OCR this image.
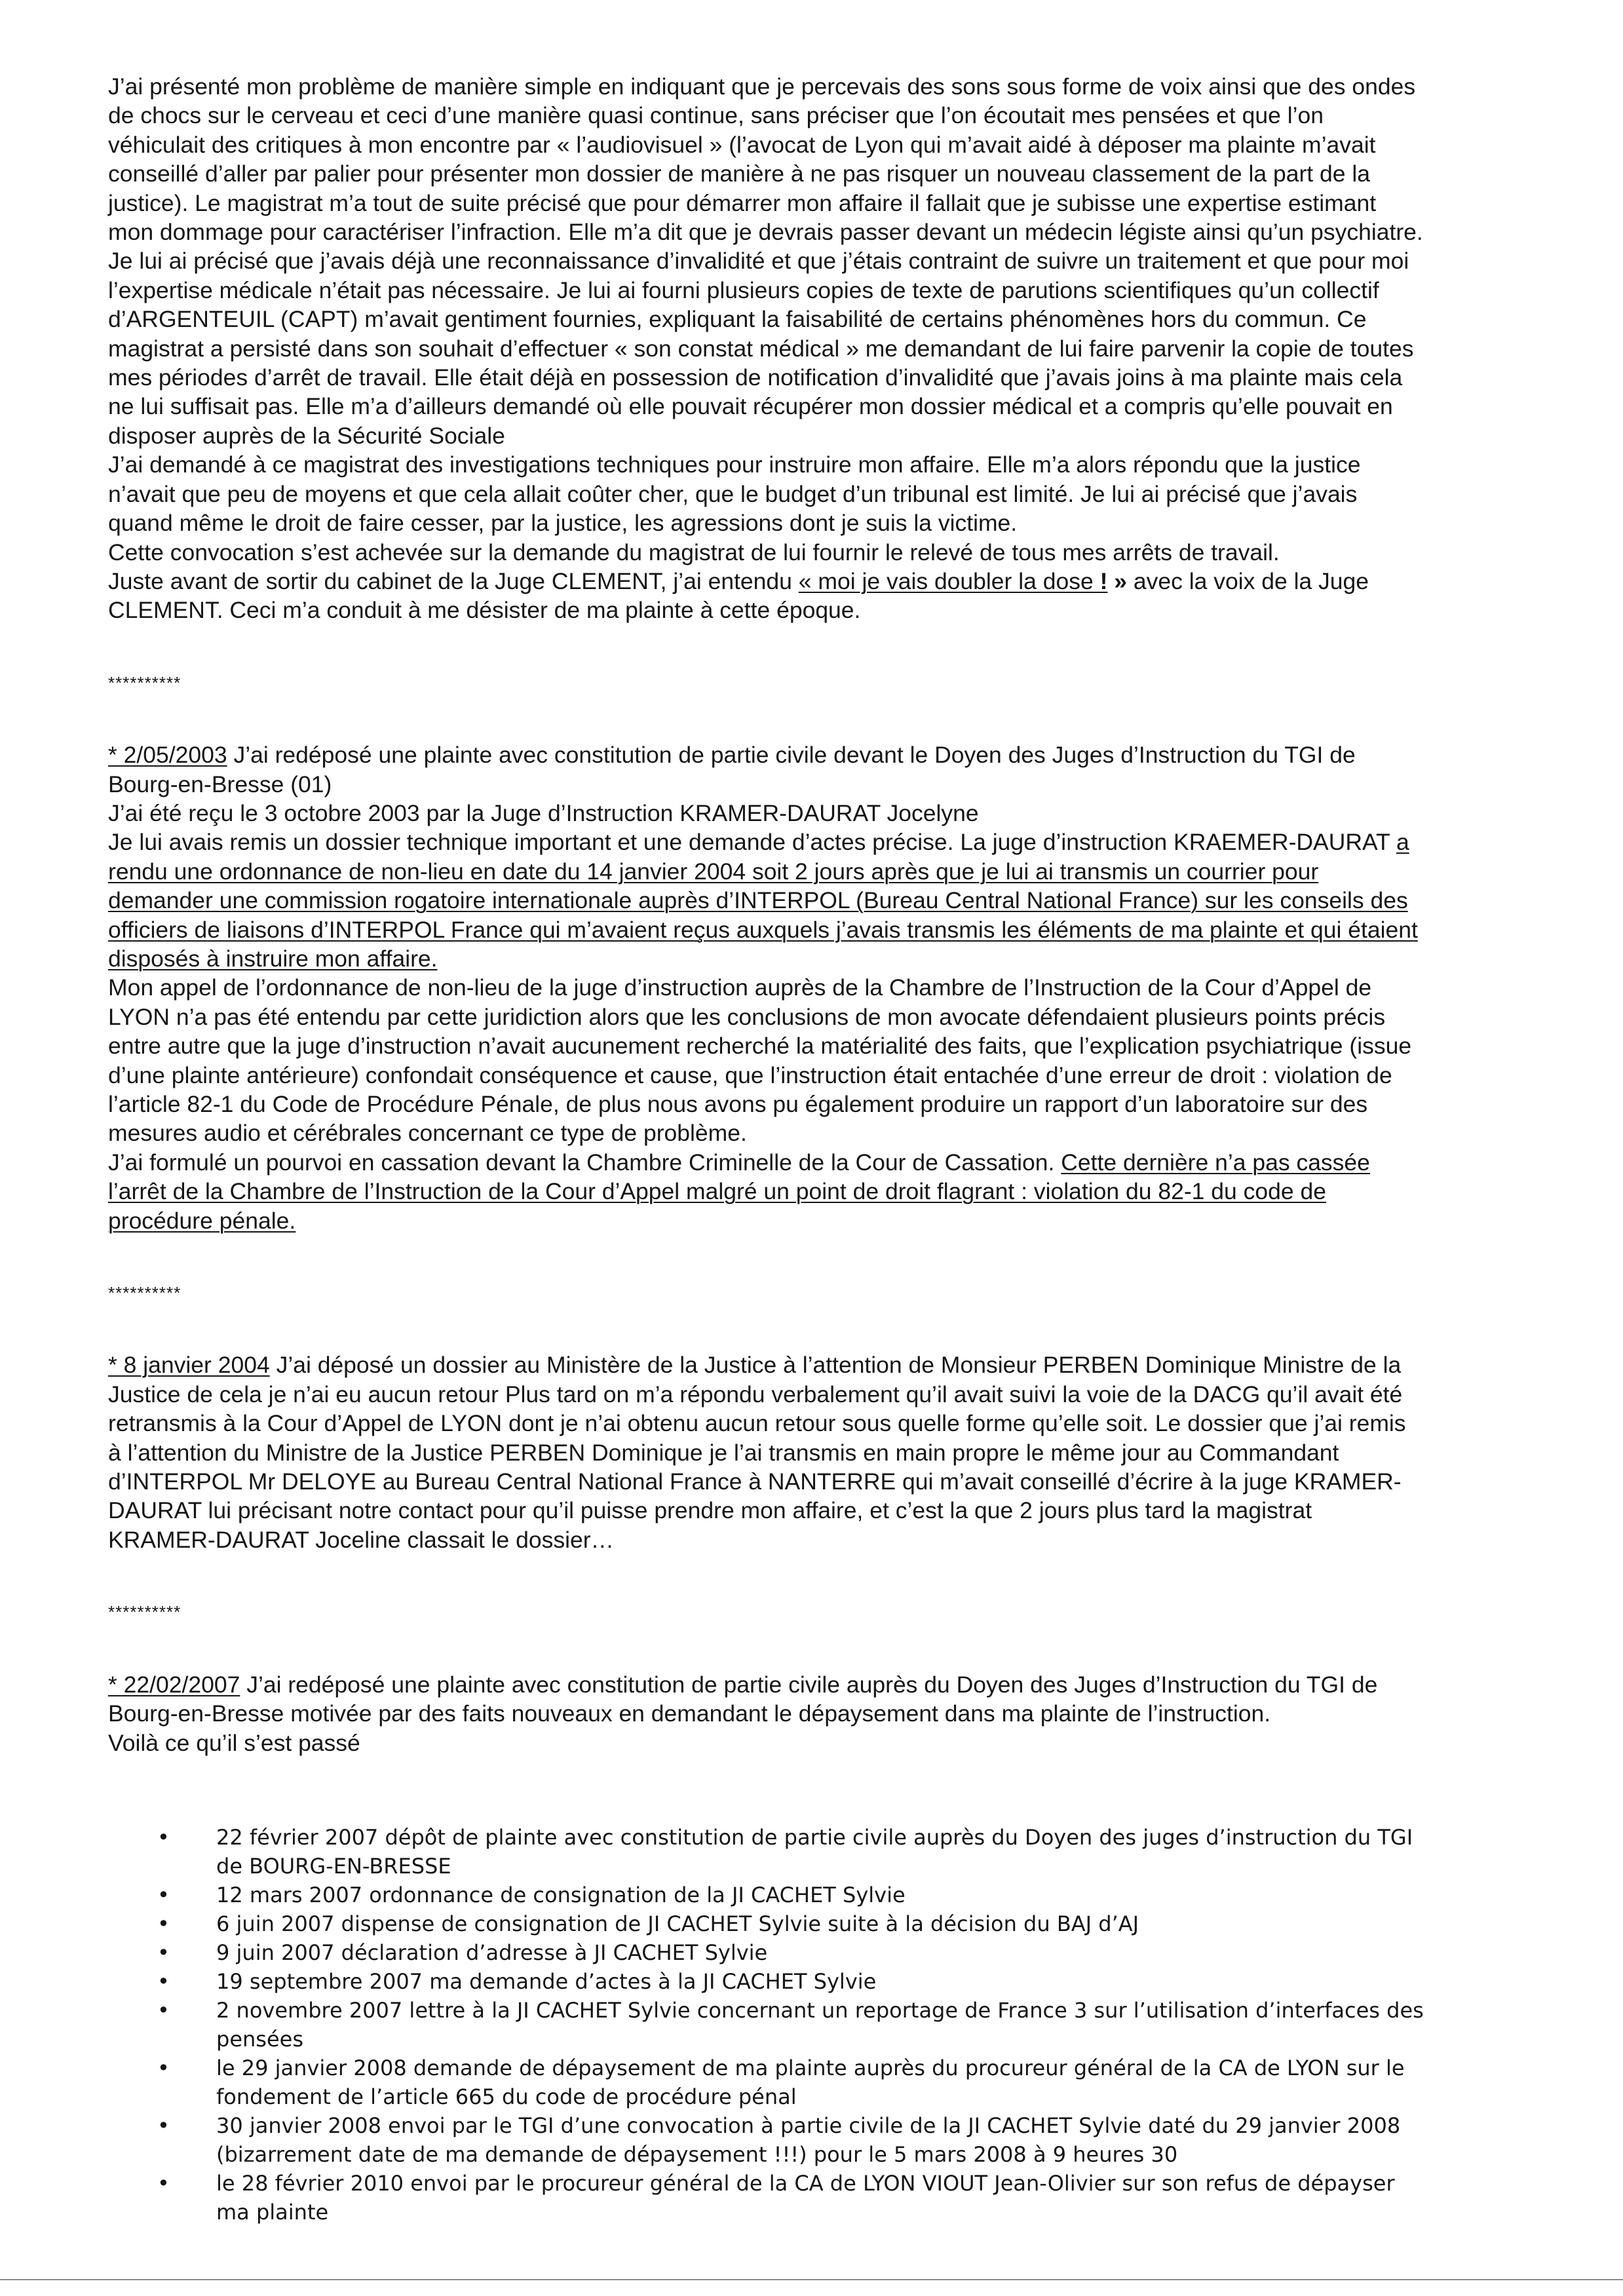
J’ai présenté mon problème de manière simple en indiquant que je percevais des sons sous forme de voix ainsi que des ondes de chocs sur le cerveau et ceci d’une manière quasi continue, sans préciser que l’on écoutait mes pensées et que l’on véhiculait des critiques à mon encontre par « l’audiovisuel » (l’avocat de Lyon qui m’avait aidé à déposer ma plainte m’avait conseillé d’aller par palier pour présenter mon dossier de manière à ne pas risquer un nouveau classement de la part de la justice). Le magistrat m’a tout de suite précisé que pour démarrer mon affaire il fallait que je subisse une expertise estimant mon dommage pour caractériser l’infraction. Elle m’a dit que je devrais passer devant un médecin légiste ainsi qu’un psychiatre. Je lui ai précisé que j’avais déjà une reconnaissance d’invalidité et que j’étais contraint de suivre un traitement et que pour moi l’expertise médicale n’était pas nécessaire. Je lui ai fourni plusieurs copies de texte de parutions scientifiques qu’un collectif d’ARGENTEUIL (CAPT) m’avait gentiment fournies, expliquant la faisabilité de certains phénomènes hors du commun. Ce magistrat a persisté dans son souhait d’effectuer « son constat médical » me demandant de lui faire parvenir la copie de toutes mes périodes d’arrêt de travail. Elle était déjà en possession de notification d’invalidité que j’avais joins à ma plainte mais cela ne lui suffisait pas. Elle m’a d’ailleurs demandé où elle pouvait récupérer mon dossier médical et a compris qu’elle pouvait en disposer auprès de la Sécurité Sociale

J’ai demandé à ce magistrat des investigations techniques pour instruire mon affaire. Elle m’a alors répondu que la justice n’avait que peu de moyens et que cela allait coûter cher, que le budget d’un tribunal est limité. Je lui ai précisé que j’avais quand même le droit de faire cesser, par la justice, les agressions dont je suis la victime.

Cette convocation s’est achevée sur la demande du magistrat de lui fournir le relevé de tous mes arrêts de travail.

Juste avant de sortir du cabinet de la Juge CLEMENT, j’ai entendu « moi je vais doubler la dose ! » avec la voix de la Juge CLEMENT. Ceci m’a conduit à me désister de ma plainte à cette époque.

**********

* 2/05/2003 J’ai redéposé une plainte avec constitution de partie civile devant le Doyen des Juges d’Instruction du TGI de Bourg-en-Bresse (01)

J’ai été reçu le 3 octobre 2003 par la Juge d’Instruction KRAMER-DAURAT Jocelyne

Je lui avais remis un dossier technique important et une demande d’actes précise. La juge d’instruction KRAEMER-DAURAT a rendu une ordonnance de non-lieu en date du 14 janvier 2004 soit 2 jours après que je lui ai transmis un courrier pour demander une commission rogatoire internationale auprès d’INTERPOL (Bureau Central National France) sur les conseils des officiers de liaisons d’INTERPOL France qui m’avaient reçus auxquels j’avais transmis les éléments de ma plainte et qui étaient disposés à instruire mon affaire.

Mon appel de l’ordonnance de non-lieu de la juge d’instruction auprès de la Chambre de l’Instruction de la Cour d’Appel de LYON n’a pas été entendu par cette juridiction alors que les conclusions de mon avocate défendaient plusieurs points précis entre autre que la juge d’instruction n’avait aucunement recherché la matérialité des faits, que l’explication psychiatrique (issue d’une plainte antérieure) confondait conséquence et cause, que l’instruction était entachée d’une erreur de droit : violation de l’article 82-1 du Code de Procédure Pénale, de plus nous avons pu également produire un rapport d’un laboratoire sur des mesures audio et cérébrales concernant ce type de problème.

J’ai formulé un pourvoi en cassation devant la Chambre Criminelle de la Cour de Cassation. Cette dernière n’a pas cassée l’arrêt de la Chambre de l’Instruction de la Cour d’Appel malgré un point de droit flagrant : violation du 82-1 du code de procédure pénale.

**********

* 8 janvier 2004 J’ai déposé un dossier au Ministère de la Justice à l’attention de Monsieur PERBEN Dominique Ministre de la Justice de cela je n’ai eu aucun retour Plus tard on m’a répondu verbalement qu’il avait suivi la voie de la DACG qu’il avait été retransmis à la Cour d’Appel de LYON dont je n’ai obtenu aucun retour sous quelle forme qu’elle soit. Le dossier que j’ai remis à l’attention du Ministre de la Justice PERBEN Dominique je l’ai transmis en main propre le même jour au Commandant d’INTERPOL Mr DELOYE au Bureau Central National France à NANTERRE qui m’avait conseillé d’écrire à la juge KRAMER-DAURAT lui précisant notre contact pour qu’il puisse prendre mon affaire, et c’est la que 2 jours plus tard la magistrat KRAMER-DAURAT Joceline classait le dossier…

**********

* 22/02/2007 J’ai redéposé une plainte avec constitution de partie civile auprès du Doyen des Juges d’Instruction du TGI de Bourg-en-Bresse motivée par des faits nouveaux en demandant le dépaysement dans ma plainte de l’instruction.

Voilà ce qu’il s’est passé

• 22 février 2007 dépôt de plainte avec constitution de partie civile auprès du Doyen des juges d’instruction du TGI de BOURG-EN-BRESSE
• 12 mars 2007 ordonnance de consignation de la JI CACHET Sylvie
• 6 juin 2007 dispense de consignation de JI CACHET Sylvie suite à la décision du BAJ d’AJ
• 9 juin 2007 déclaration d’adresse à JI CACHET Sylvie
• 19 septembre 2007 ma demande d’actes à la JI CACHET Sylvie
• 2 novembre 2007 lettre à la JI CACHET Sylvie concernant un reportage de France 3 sur l’utilisation d’interfaces des pensées
• le 29 janvier 2008 demande de dépaysement de ma plainte auprès du procureur général de la CA de LYON sur le fondement de l’article 665 du code de procédure pénal
• 30 janvier 2008 envoi par le TGI d’une convocation à partie civile de la JI CACHET Sylvie daté du 29 janvier 2008 (bizarrement date de ma demande de dépaysement !!!) pour le 5 mars 2008 à 9 heures 30
• le 28 février 2010 envoi par le procureur général de la CA de LYON VIOUT Jean-Olivier sur son refus de dépayser ma plainte
